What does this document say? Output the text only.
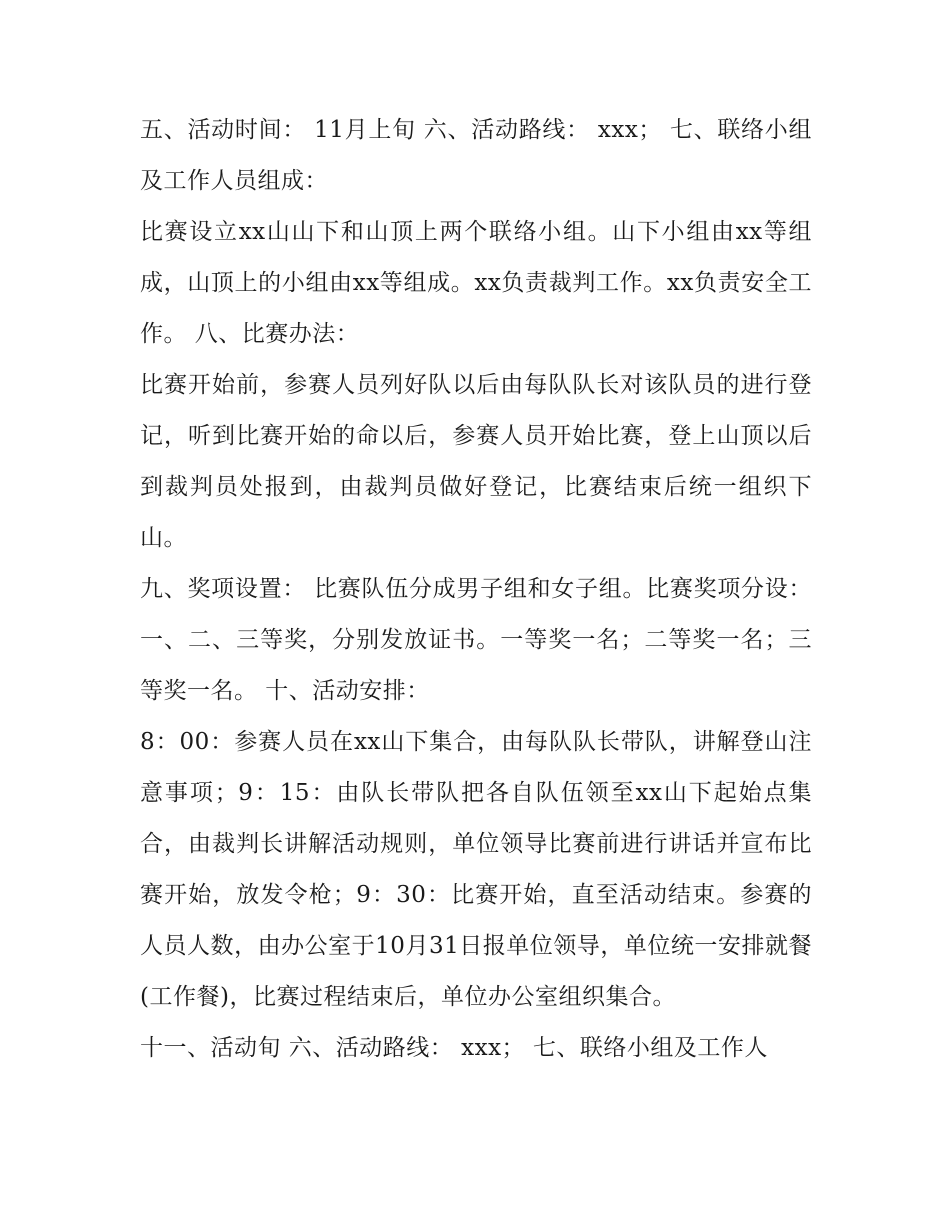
五、活动时间： 11月上旬 六、活动路线： xxx； 七、联络小组及工作人员组成：

比赛设立xx山山下和山顶上两个联络小组。山下小组由xx等组成，山顶上的小组由xx等组成。xx负责裁判工作。xx负责安全工作。 八、比赛办法：

比赛开始前，参赛人员列好队以后由每队队长对该队员的进行登记，听到比赛开始的命以后，参赛人员开始比赛，登上山顶以后到裁判员处报到，由裁判员做好登记，比赛结束后统一组织下山。

九、奖项设置： 比赛队伍分成男子组和女子组。比赛奖项分设：一、二、三等奖，分别发放证书。一等奖一名；二等奖一名；三等奖一名。 十、活动安排：

8：00：参赛人员在xx山下集合，由每队队长带队，讲解登山注意事项；9：15：由队长带队把各自队伍领至xx山下起始点集合，由裁判长讲解活动规则，单位领导比赛前进行讲话并宣布比赛开始，放发令枪；9：30：比赛开始，直至活动结束。参赛的人员人数，由办公室于10月31日报单位领导，单位统一安排就餐(工作餐)，比赛过程结束后，单位办公室组织集合。

十一、活动旬 六、活动路线： xxx； 七、联络小组及工作人
